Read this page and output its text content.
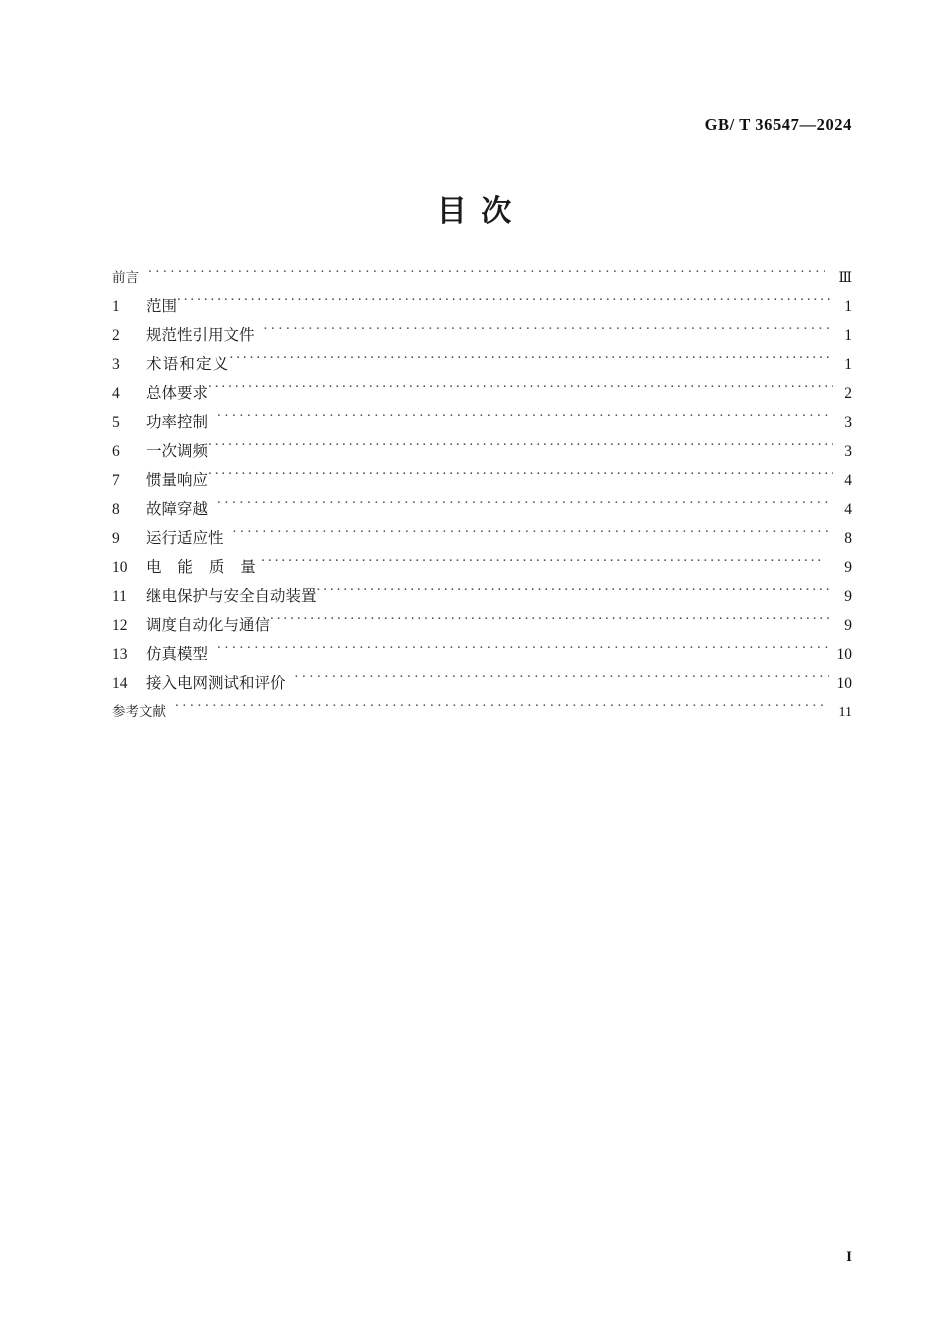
GB/ T 36547—2024
目 次
前言 . . .	Ⅲ
1	范围 . . .	1
2	规范性引用文件 . . .	1
3	术语和定义 . . .	1
4	总体要求 . . .	2
5	功率控制 . . .	3
6	一次调频 . . .	3
7	惯量响应 . . .	4
8	故障穿越 . . .	4
9	运行适应性 . . .	8
10	电 能 质 量 . . .	9
11	继电保护与安全自动装置 . . .	9
12	调度自动化与通信 . . .	9
13	仿真模型 . . .	10
14	接入电网测试和评价 . . .	10
参考文献 . . .	11
I
